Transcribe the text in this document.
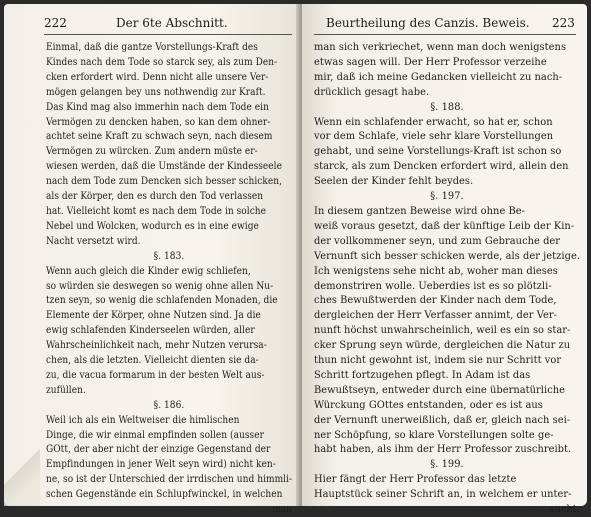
222	Der 6te Abschnitt.
Einmal, daß die gantze Vorstellungs-Kraft des
Kindes nach dem Tode so starck sey, als zum Den-
cken erfordert wird. Denn nicht alle unsere Ver-
mögen gelangen bey uns nothwendig zur Kraft.
Das Kind mag also immerhin nach dem Tode ein
Vermögen zu dencken haben, so kan dem ohner-
achtet seine Kraft zu schwach seyn, nach diesem
Vermögen zu würcken. Zum andern müste er-
wiesen werden, daß die Umstände der Kindesseele
nach dem Tode zum Dencken sich besser schicken,
als der Körper, den es durch den Tod verlassen
hat. Vielleicht komt es nach dem Tode in solche
Nebel und Wolcken, wodurch es in eine ewige
Nacht versetzt wird.
§. 183.
Wenn auch gleich die Kinder ewig schliefen,
so würden sie deswegen so wenig ohne allen Nu-
tzen seyn, so wenig die schlafenden Monaden, die
Elemente der Körper, ohne Nutzen sind. Ja die
ewig schlafenden Kinderseelen würden, aller
Wahrscheinlichkeit nach, mehr Nutzen verursa-
chen, als die letzten. Vielleicht dienten sie da-
zu, die vacua formarum in der besten Welt aus-
zufüllen.
§. 186.
Weil ich als ein Weltweiser die himlischen
Dinge, die wir einmal empfinden sollen (ausser
GOtt, der aber nicht der einzige Gegenstand der
Empfindungen in jener Welt seyn wird) nicht ken-
ne, so ist der Unterschied der irrdischen und himmli-
schen Gegenstände ein Schlupfwinckel, in welchen
man
Beurtheilung des Canzis. Beweis. 223
man sich verkriechet, wenn man doch wenigstens
etwas sagen will. Der Herr Professor verzeihe
mir, daß ich meine Gedancken vielleicht zu nach-
drücklich gesagt habe.
§. 188.
Wenn ein schlafender erwacht, so hat er, schon
vor dem Schlafe, viele sehr klare Vorstellungen
gehabt, und seine Vorstellungs-Kraft ist schon so
starck, als zum Dencken erfordert wird, allein den
Seelen der Kinder fehlt beydes.
§. 197.
In diesem gantzen Beweise wird ohne Be-
weiß voraus gesetzt, daß der künftige Leib der Kin-
der vollkommener seyn, und zum Gebrauche der
Vernunft sich besser schicken werde, als der jetzige.
Ich wenigstens sehe nicht ab, woher man dieses
demonstriren wolle. Ueberdies ist es so plötzli-
ches Bewußtwerden der Kinder nach dem Tode,
dergleichen der Herr Verfasser annimt, der Ver-
nunft höchst unwahrscheinlich, weil es ein so star-
cker Sprung seyn würde, dergleichen die Natur zu
thun nicht gewohnt ist, indem sie nur Schritt vor
Schritt fortzugehen pflegt. In Adam ist das
Bewußtseyn, entweder durch eine übernatürliche
Würckung GOttes entstanden, oder es ist aus
der Vernunft unerweißlich, daß er, gleich nach sei-
ner Schöpfung, so klare Vorstellungen solte ge-
habt haben, als ihm der Herr Professor zuschreibt.
§. 199.
Hier fängt der Herr Professor das letzte
Hauptstück seiner Schrift an, in welchem er unter-
sucht,
